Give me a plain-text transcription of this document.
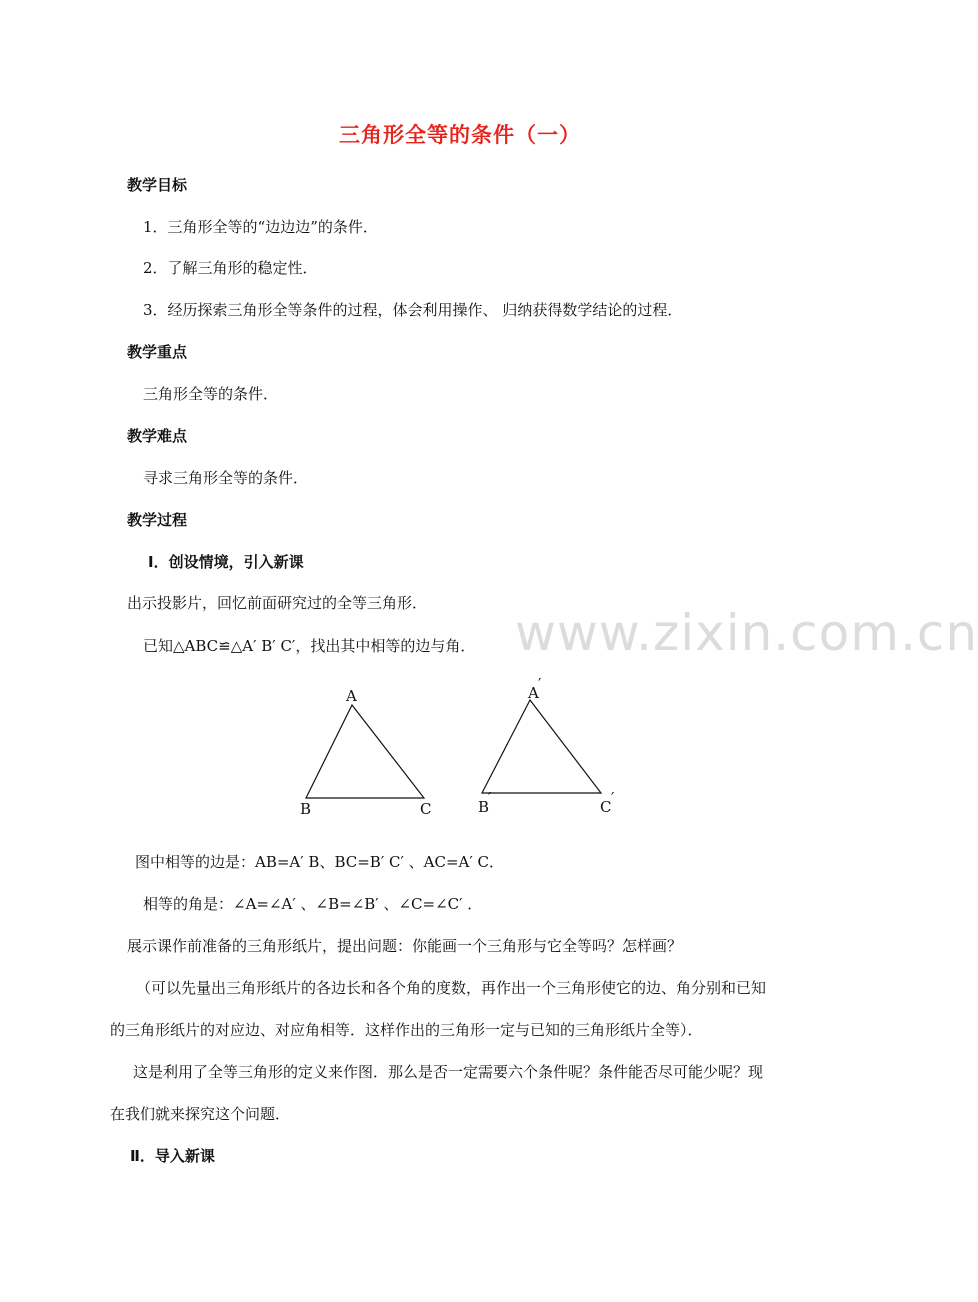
三角形全等的条件（一）
教学目标
1．三角形全等的“边边边”的条件．
2．了解三角形的稳定性．
3．经历探索三角形全等条件的过程，体会利用操作、 归纳获得数学结论的过程．
教学重点
三角形全等的条件．
教学难点
寻求三角形全等的条件．
教学过程
Ⅰ．创设情境，引入新课
出示投影片，回忆前面研究过的全等三角形．
已知△ABC≌△A′ B′ C′，找出其中相等的边与角． www.zixin.com.cn
A
B	C
A ′
B
′	C ′
图中相等的边是：AB=A′ B、BC=B′ C′ 、AC=A′ C．
相等的角是：∠A=∠A′ 、∠B=∠B′ 、∠C=∠C′ ．
展示课作前准备的三角形纸片，提出问题：你能画一个三角形与它全等吗？怎样画？
（可以先量出三角形纸片的各边长和各个角的度数，再作出一个三角形使它的边、角分别和已知
的三角形纸片的对应边、对应角相等．这样作出的三角形一定与已知的三角形纸片全等）．
这是利用了全等三角形的定义来作图．那么是否一定需要六个条件呢？条件能否尽可能少呢？现
在我们就来探究这个问题．
Ⅱ．导入新课
